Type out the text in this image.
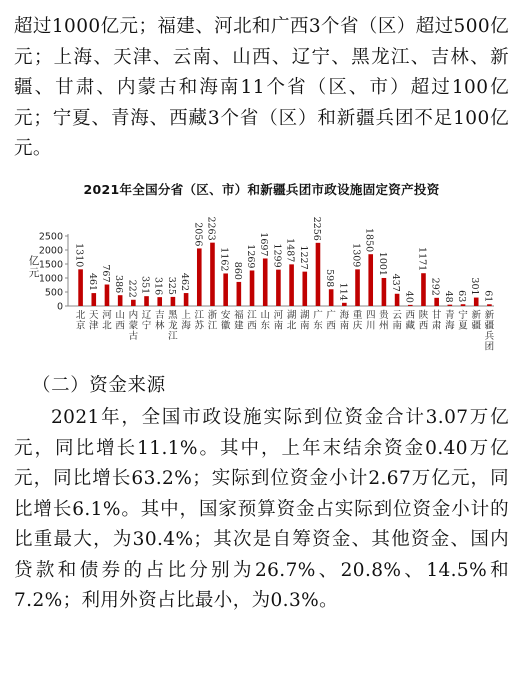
超过1000亿元；福建、河北和广西3个省（区）超过500亿元；上海、天津、云南、山西、辽宁、黑龙江、吉林、新疆、甘肃、内蒙古和海南11个省（区、市）超过100亿元；宁夏、青海、西藏3个省（区）和新疆兵团不足100亿元。

2021年全国分省（区、市）和新疆兵团市政设施固定资产投资
0
500
1000
1500
2000
2500
亿
元
1310
北
京
461
天
津
767
河
北
386
山
西
222
内
蒙
古
351
辽
宁
316
吉
林
325
黑
龙
江
462
上
海
2056
江
苏
2263
浙
江
1162
安
徽
860
福
建
1269
江
西
1697
山
东
1299
河
南
1487
湖
北
1227
湖
南
2256
广
东
598
广
西
114
海
南
1309
重
庆
1850
四
川
1001
贵
州
437
云
南
40
西
藏
1171
陕
西
292
甘
肃
48
青
海
63
宁
夏
301
新
疆
61
新
疆
兵
团
（二）资金来源

2021年，全国市政设施实际到位资金合计3.07万亿元，同比增长11.1%。其中，上年末结余资金0.40万亿元，同比增长63.2%；实际到位资金小计2.67万亿元，同比增长6.1%。其中，国家预算资金占实际到位资金小计的比重最大，为30.4%；其次是自筹资金、其他资金、国内贷款和债券的占比分别为26.7%、20.8%、14.5%和7.2%；利用外资占比最小，为0.3%。
